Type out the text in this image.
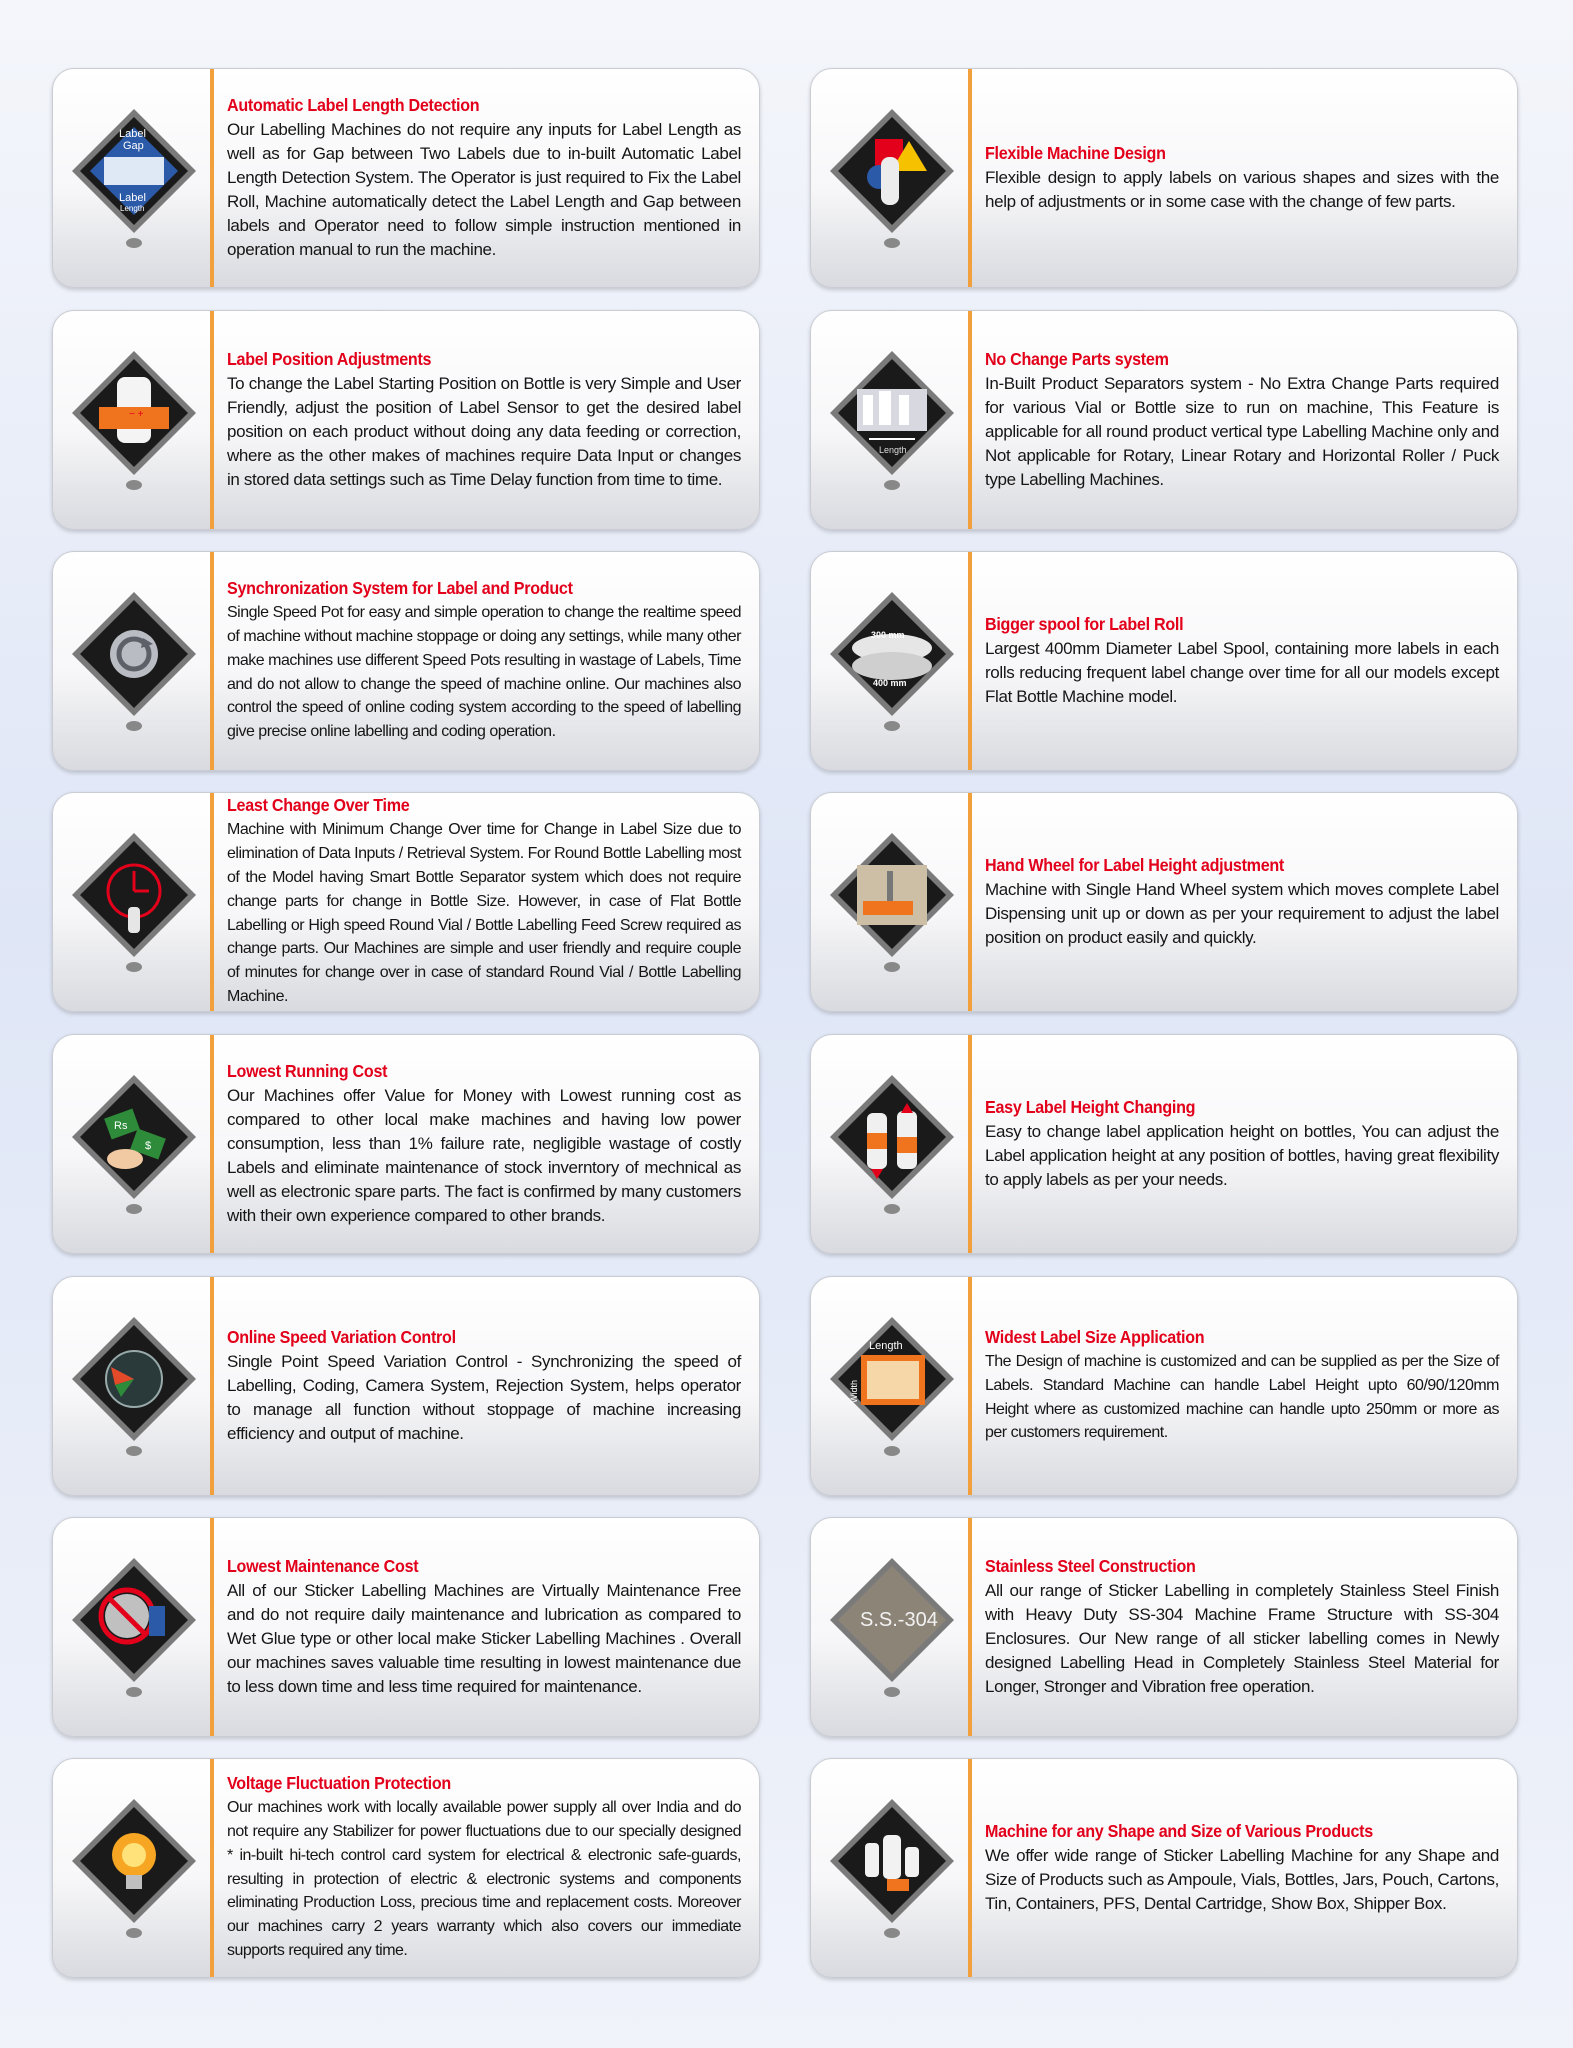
Label
Gap
Label
Length
Automatic Label Length Detection

Our Labelling Machines do not require any inputs for Label Length as well as for Gap between Two Labels due to in-built Automatic Label Length Detection System. The Operator is just required to Fix the Label Roll, Machine automatically detect the Label Length and Gap between labels and Operator need to follow simple instruction mentioned in operation manual to run the machine.

− +
Label Position Adjustments

To change the Label Starting Position on Bottle is very Simple and User Friendly, adjust the position of Label Sensor to get the desired label position on each product without doing any data feeding or correction, where as the other makes of machines require Data Input or changes in stored data settings such as Time Delay function from time to time.

Synchronization System for Label and Product

Single Speed Pot for easy and simple operation to change the realtime speed of machine without machine stoppage or doing any settings, while many other make machines use different Speed Pots resulting in wastage of Labels, Time and do not allow to change the speed of machine online. Our machines also control the speed of online coding system according to the speed of labelling give precise online labelling and coding operation.

Least Change Over Time

Machine with Minimum Change Over time for Change in Label Size due to elimination of Data Inputs / Retrieval System. For Round Bottle Labelling most of the Model having Smart Bottle Separator system which does not require change parts for change in Bottle Size. However, in case of Flat Bottle Labelling or High speed Round Vial / Bottle Labelling Feed Screw required as change parts. Our Machines are simple and user friendly and require couple of minutes for change over in case of standard Round Vial / Bottle Labelling Machine.

Rs
$
Lowest Running Cost

Our Machines offer Value for Money with Lowest running cost as compared to other local make machines and having low power consumption, less than 1% failure rate, negligible wastage of costly Labels and eliminate maintenance of stock inverntory of mechnical as well as electronic spare parts. The fact is confirmed by many customers with their own experience compared to other brands.

Online Speed Variation Control

Single Point Speed Variation Control - Synchronizing the speed of Labelling, Coding, Camera System, Rejection System, helps operator to manage all function without stoppage of machine increasing efficiency and output of machine.

Lowest Maintenance Cost

All of our Sticker Labelling Machines are Virtually Maintenance Free and do not require daily maintenance and lubrication as compared to Wet Glue type or other local make Sticker Labelling Machines . Overall our machines saves valuable time resulting in lowest maintenance due to less down time and less time required for maintenance.

Voltage Fluctuation Protection

Our machines work with locally available power supply all over India and do not require any Stabilizer for power fluctuations due to our specially designed * in-built hi-tech control card system for electrical & electronic safe-guards, resulting in protection of electric & electronic systems and components eliminating Production Loss, precious time and replacement costs. Moreover our machines carry 2 years warranty which also covers our immediate supports required any time.

Flexible Machine Design

Flexible design to apply labels on various shapes and sizes with the help of adjustments or in some case with the change of few parts.

Length
No Change Parts system

In-Built Product Separators system - No Extra Change Parts required for various Vial or Bottle size to run on machine, This Feature is applicable for all round product vertical type Labelling Machine only and Not applicable for Rotary, Linear Rotary and Horizontal Roller / Puck type Labelling Machines.

300 mm
400 mm
Bigger spool for Label Roll

Largest 400mm Diameter Label Spool, containing more labels in each rolls reducing frequent label change over time for all our models except Flat Bottle Machine model.

Hand Wheel for Label Height adjustment

Machine with Single Hand Wheel system which moves complete Label Dispensing unit up or down as per your requirement to adjust the label position on product easily and quickly.

Easy Label Height Changing

Easy to change label application height on bottles, You can adjust the Label application height at any position of bottles, having great flexibility to apply labels as per your needs.

Length
Width
Widest Label Size Application

The Design of machine is customized and can be supplied as per the Size of Labels. Standard Machine can handle Label Height upto 60/90/120mm Height where as customized machine can handle upto 250mm or more as per customers requirement.

S.S.-304
Stainless Steel Construction

All our range of Sticker Labelling in completely Stainless Steel Finish with Heavy Duty SS-304 Machine Frame Structure with SS-304 Enclosures. Our New range of all sticker labelling comes in Newly designed Labelling Head in Completely Stainless Steel Material for Longer, Stronger and Vibration free operation.

Machine for any Shape and Size of Various Products

We offer wide range of Sticker Labelling Machine for any Shape and Size of Products such as Ampoule, Vials, Bottles, Jars, Pouch, Cartons, Tin, Containers, PFS, Dental Cartridge, Show Box, Shipper Box.
